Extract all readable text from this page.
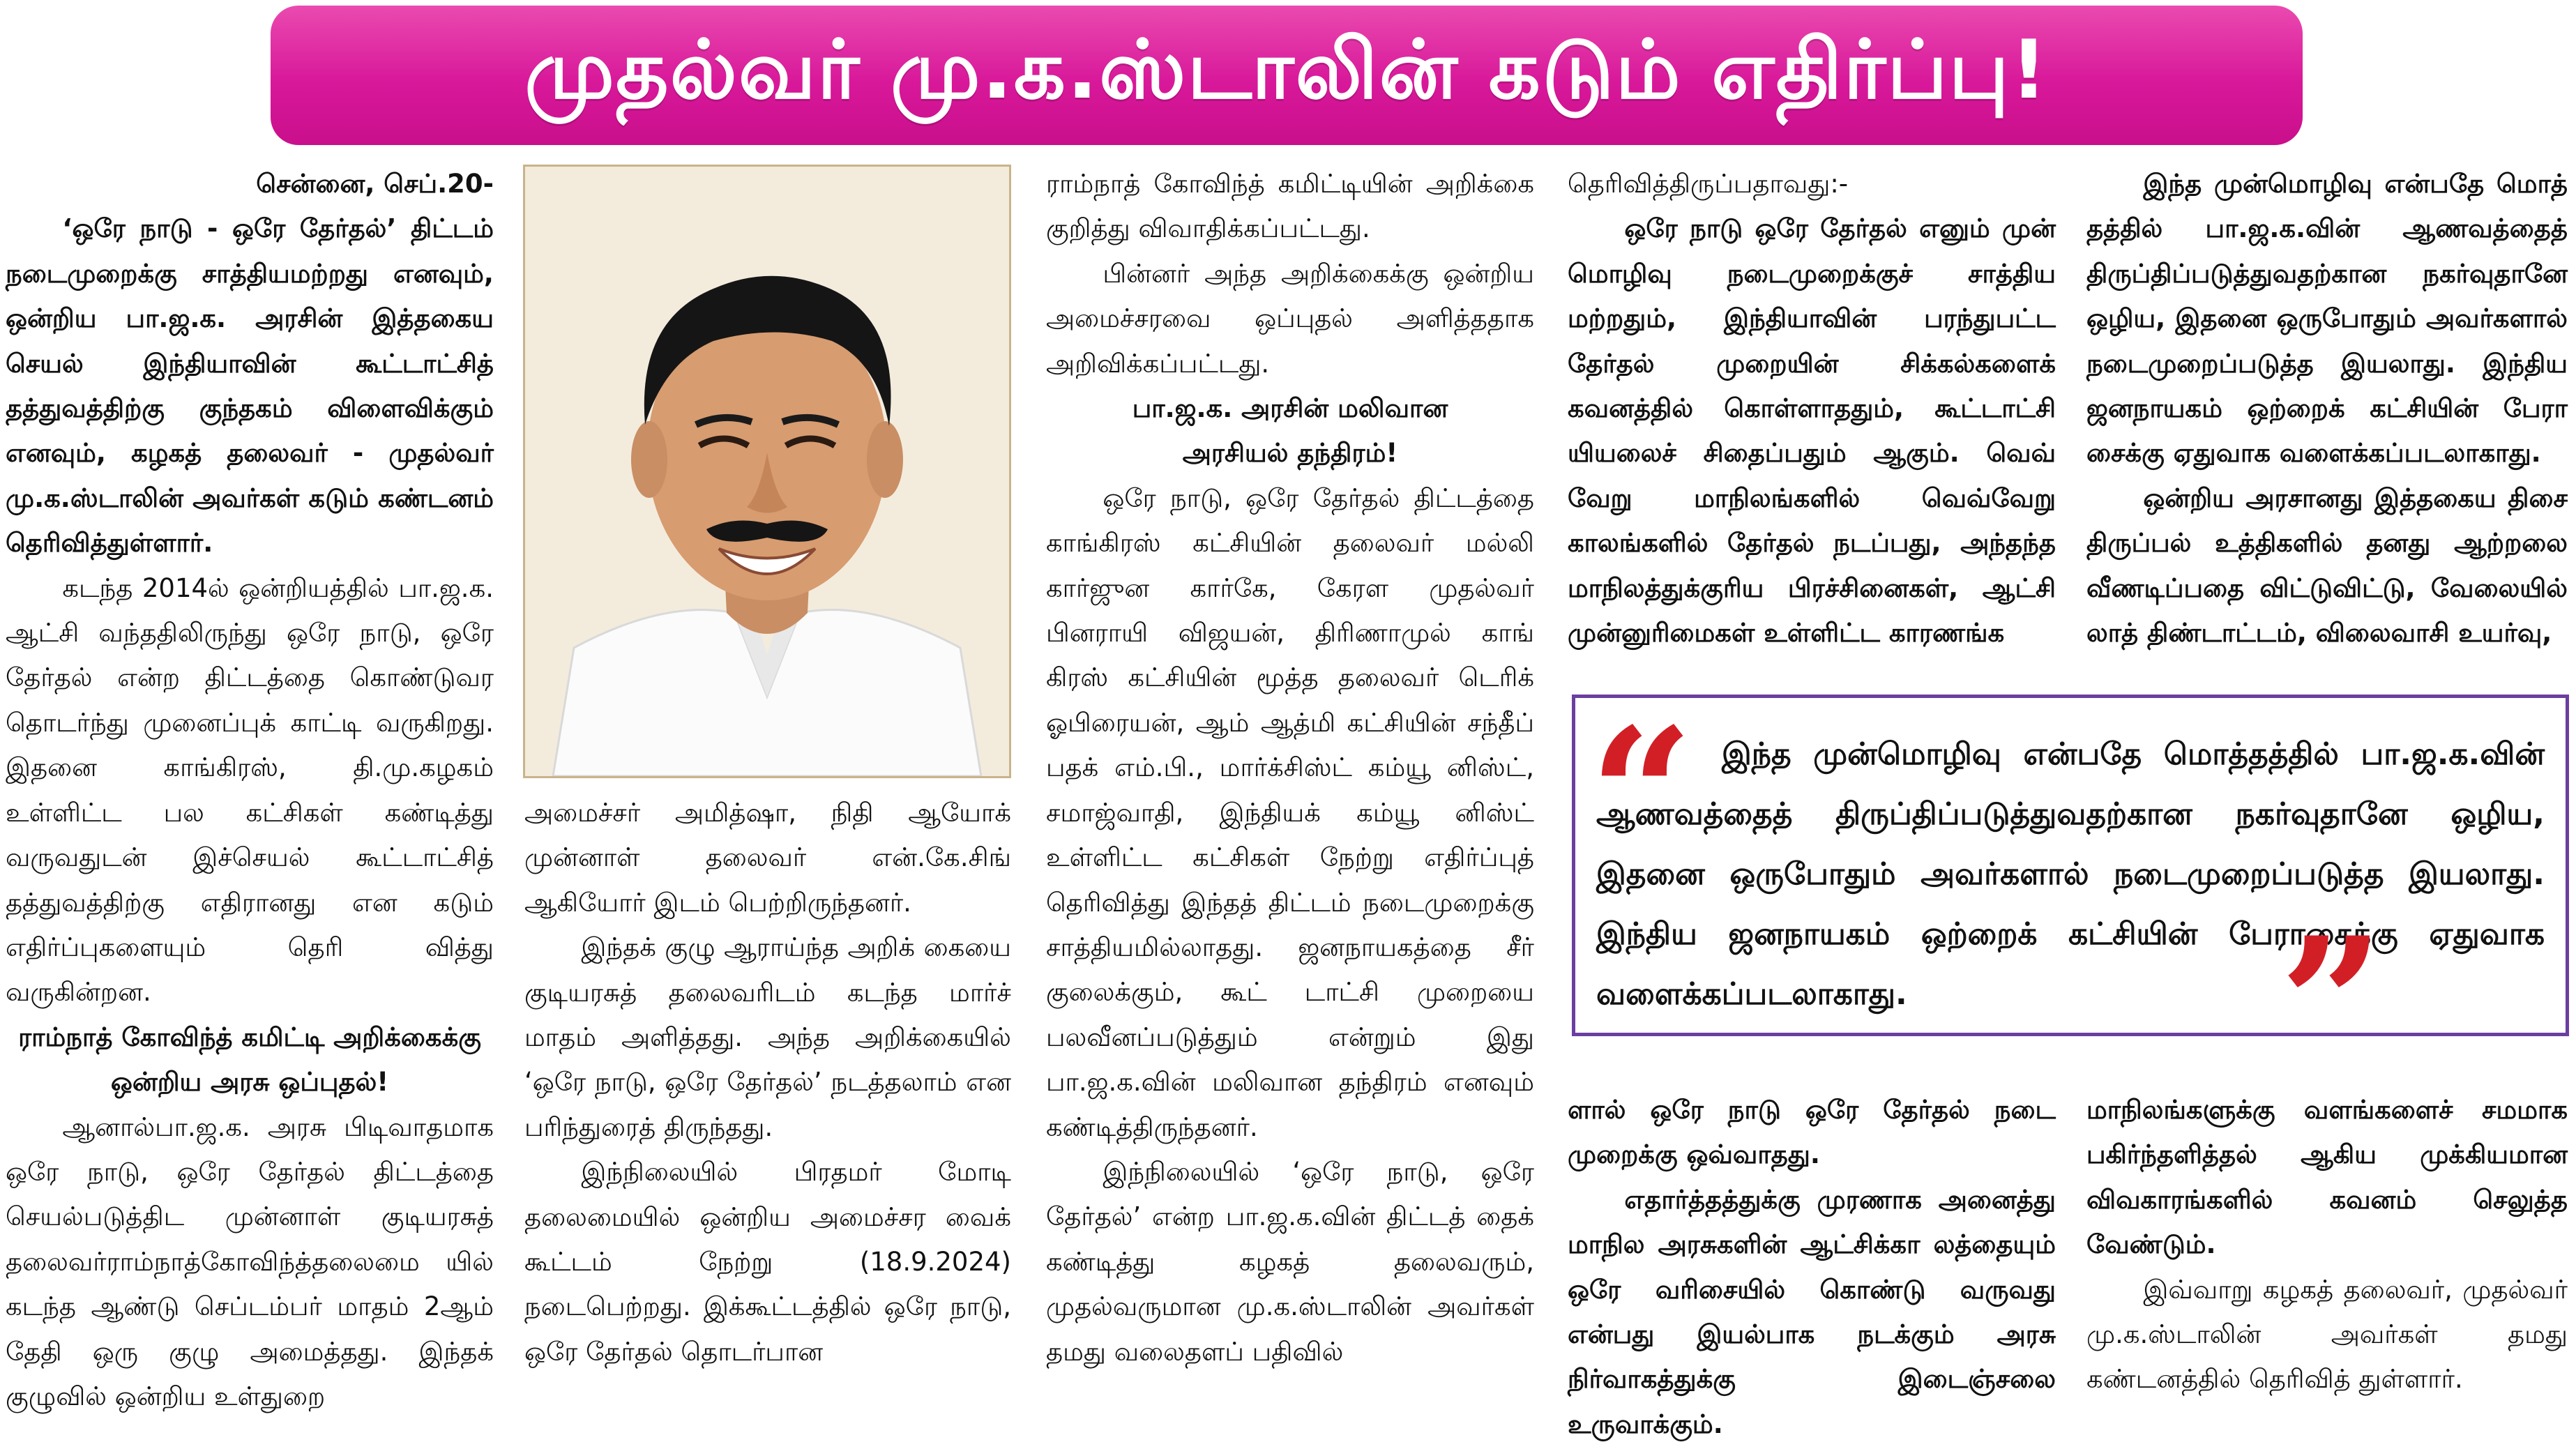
முதல்வர் மு.க.ஸ்டாலின் கடும் எதிர்ப்பு!

சென்னை, செப்.20-

‘ஒரே நாடு - ஒரே தேர்தல்’ திட்டம் நடைமுறைக்கு சாத்தியமற்றது எனவும், ஒன்றிய பா.ஜ.க. அரசின் இத்தகைய செயல் இந்தியாவின் கூட்டாட்சித் தத்துவத்திற்கு குந்தகம் விளைவிக்கும் எனவும், கழகத் தலைவர் - முதல்வர் மு.க.ஸ்டாலின் அவர்கள் கடும் கண்டனம் தெரிவித்துள்ளார்.

கடந்த 2014ல் ஒன்றியத்தில் பா.ஜ.க. ஆட்சி வந்ததிலிருந்து ஒரே நாடு, ஒரே தேர்தல் என்ற திட்டத்தை கொண்டுவர தொடர்ந்து முனைப்புக் காட்டி வருகிறது. இதனை காங்கிரஸ், தி.மு.கழகம் உள்ளிட்ட பல கட்சிகள் கண்டித்து வருவதுடன் இச்செயல் கூட்டாட்சித் தத்துவத்திற்கு எதிரானது என கடும் எதிர்ப்புகளையும் தெரி வித்து வருகின்றன.

ராம்நாத் கோவிந்த் கமிட்டி அறிக்கைக்கு

ஒன்றிய அரசு ஒப்புதல்!

ஆனால்பா.ஜ.க. அரசு பிடிவாதமாக ஒரே நாடு, ஒரே தேர்தல் திட்டத்தை செயல்படுத்திட முன்னாள் குடியரசுத் தலைவர்ராம்நாத்கோவிந்த்தலைமை யில் கடந்த ஆண்டு செப்டம்பர் மாதம் 2ஆம் தேதி ஒரு குழு அமைத்தது. இந்தக் குழுவில் ஒன்றிய உள்துறை

அமைச்சர் அமித்ஷா, நிதி ஆயோக் முன்னாள் தலைவர் என்.கே.சிங் ஆகியோர் இடம் பெற்றிருந்தனர்.

இந்தக் குழு ஆராய்ந்த அறிக் கையை குடியரசுத் தலைவரிடம் கடந்த மார்ச் மாதம் அளித்தது. அந்த அறிக்கையில் ‘ஒரே நாடு, ஒரே தேர்தல்’ நடத்தலாம் என பரிந்துரைத் திருந்தது.

இந்நிலையில் பிரதமர் மோடி தலைமையில் ஒன்றிய அமைச்சர வைக் கூட்டம் நேற்று (18.9.2024) நடைபெற்றது. இக்கூட்டத்தில் ஒரே நாடு, ஒரே தேர்தல் தொடர்பான

ராம்நாத் கோவிந்த் கமிட்டியின் அறிக்கை குறித்து விவாதிக்கப்பட்டது.

பின்னர் அந்த அறிக்கைக்கு ஒன்றிய அமைச்சரவை ஒப்புதல் அளித்ததாக அறிவிக்கப்பட்டது.

பா.ஜ.க. அரசின் மலிவான

அரசியல் தந்திரம்!

ஒரே நாடு, ஒரே தேர்தல் திட்டத்தை காங்கிரஸ் கட்சியின் தலைவர் மல்லி கார்ஜுன கார்கே, கேரள முதல்வர் பினராயி விஜயன், திரிணாமுல் காங் கிரஸ் கட்சியின் மூத்த தலைவர் டெரிக் ஓபிரையன், ஆம் ஆத்மி கட்சியின் சந்தீப் பதக் எம்.பி., மார்க்சிஸ்ட் கம்யூ னிஸ்ட், சமாஜ்வாதி, இந்தியக் கம்யூ னிஸ்ட் உள்ளிட்ட கட்சிகள் நேற்று எதிர்ப்புத் தெரிவித்து இந்தத் திட்டம் நடைமுறைக்கு சாத்தியமில்லாதது. ஜனநாயகத்தை சீர் குலைக்கும், கூட் டாட்சி முறையை பலவீனப்படுத்தும் என்றும் இது பா.ஜ.க.வின் மலிவான தந்திரம் எனவும் கண்டித்திருந்தனர்.

இந்நிலையில் ‘ஒரே நாடு, ஒரே தேர்தல்’ என்ற பா.ஜ.க.வின் திட்டத் தைக் கண்டித்து கழகத் தலைவரும், முதல்வருமான மு.க.ஸ்டாலின் அவர்கள் தமது வலைதளப் பதிவில்

தெரிவித்திருப்பதாவது:-

ஒரே நாடு ஒரே தேர்தல் எனும் முன் மொழிவு நடைமுறைக்குச் சாத்திய மற்றதும், இந்தியாவின் பரந்துபட்ட தேர்தல் முறையின் சிக்கல்களைக் கவனத்தில் கொள்ளாததும், கூட்டாட்சி யியலைச் சிதைப்பதும் ஆகும். வெவ் வேறு மாநிலங்களில் வெவ்வேறு காலங்களில் தேர்தல் நடப்பது, அந்தந்த மாநிலத்துக்குரிய பிரச்சினைகள், ஆட்சி முன்னுரிமைகள் உள்ளிட்ட காரணங்க

இந்த முன்மொழிவு என்பதே மொத் தத்தில் பா.ஜ.க.வின் ஆணவத்தைத் திருப்திப்படுத்துவதற்கான நகர்வுதானே ஒழிய, இதனை ஒருபோதும் அவர்களால் நடைமுறைப்படுத்த இயலாது. இந்திய ஜனநாயகம் ஒற்றைக் கட்சியின் பேரா சைக்கு ஏதுவாக வளைக்கப்படலாகாது.

ஒன்றிய அரசானது இத்தகைய திசை திருப்பல் உத்திகளில் தனது ஆற்றலை வீணடிப்பதை விட்டுவிட்டு, வேலையில் லாத் திண்டாட்டம், விலைவாசி உயர்வு,

“ இந்த முன்மொழிவு என்பதே மொத்தத்தில் பா.ஜ.க.வின் ஆணவத்தைத் திருப்திப்படுத்துவதற்கான நகர்வுதானே ஒழிய, இதனை ஒருபோதும் அவர்களால் நடைமுறைப்படுத்த இயலாது. இந்திய ஜனநாயகம் ஒற்றைக் கட்சியின் பேராசைக்கு ஏதுவாக வளைக்கப்படலாகாது.	”

ளால் ஒரே நாடு ஒரே தேர்தல் நடை முறைக்கு ஒவ்வாதது.

எதார்த்தத்துக்கு முரணாக அனைத்து மாநில அரசுகளின் ஆட்சிக்கா லத்தையும் ஒரே வரிசையில் கொண்டு வருவது என்பது இயல்பாக நடக்கும் அரசு நிர்வாகத்துக்கு இடைஞ்சலை உருவாக்கும்.

மாநிலங்களுக்கு வளங்களைச் சமமாக பகிர்ந்தளித்தல் ஆகிய முக்கியமான விவகாரங்களில் கவனம் செலுத்த வேண்டும்.

இவ்வாறு கழகத் தலைவர், முதல்வர் மு.க.ஸ்டாலின் அவர்கள் தமது கண்டனத்தில் தெரிவித் துள்ளார்.
